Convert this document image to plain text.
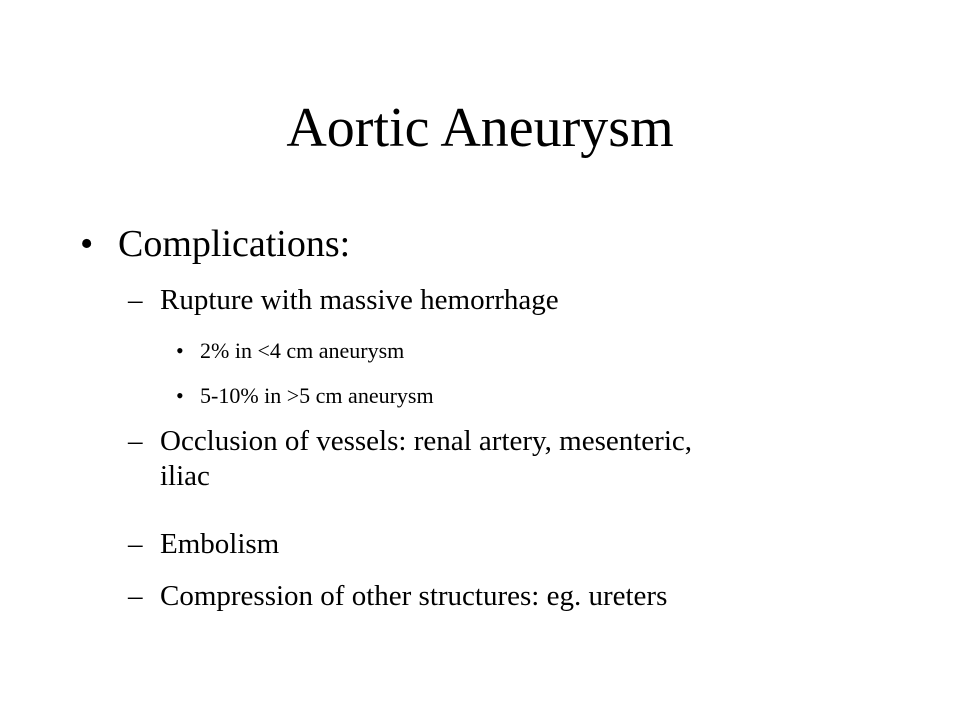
Aortic Aneurysm
• Complications:
– Rupture with massive hemorrhage
• 2% in <4 cm aneurysm
• 5-10% in >5 cm aneurysm
– Occlusion of vessels: renal artery, mesenteric,
iliac
– Embolism
– Compression of other structures: eg. ureters
